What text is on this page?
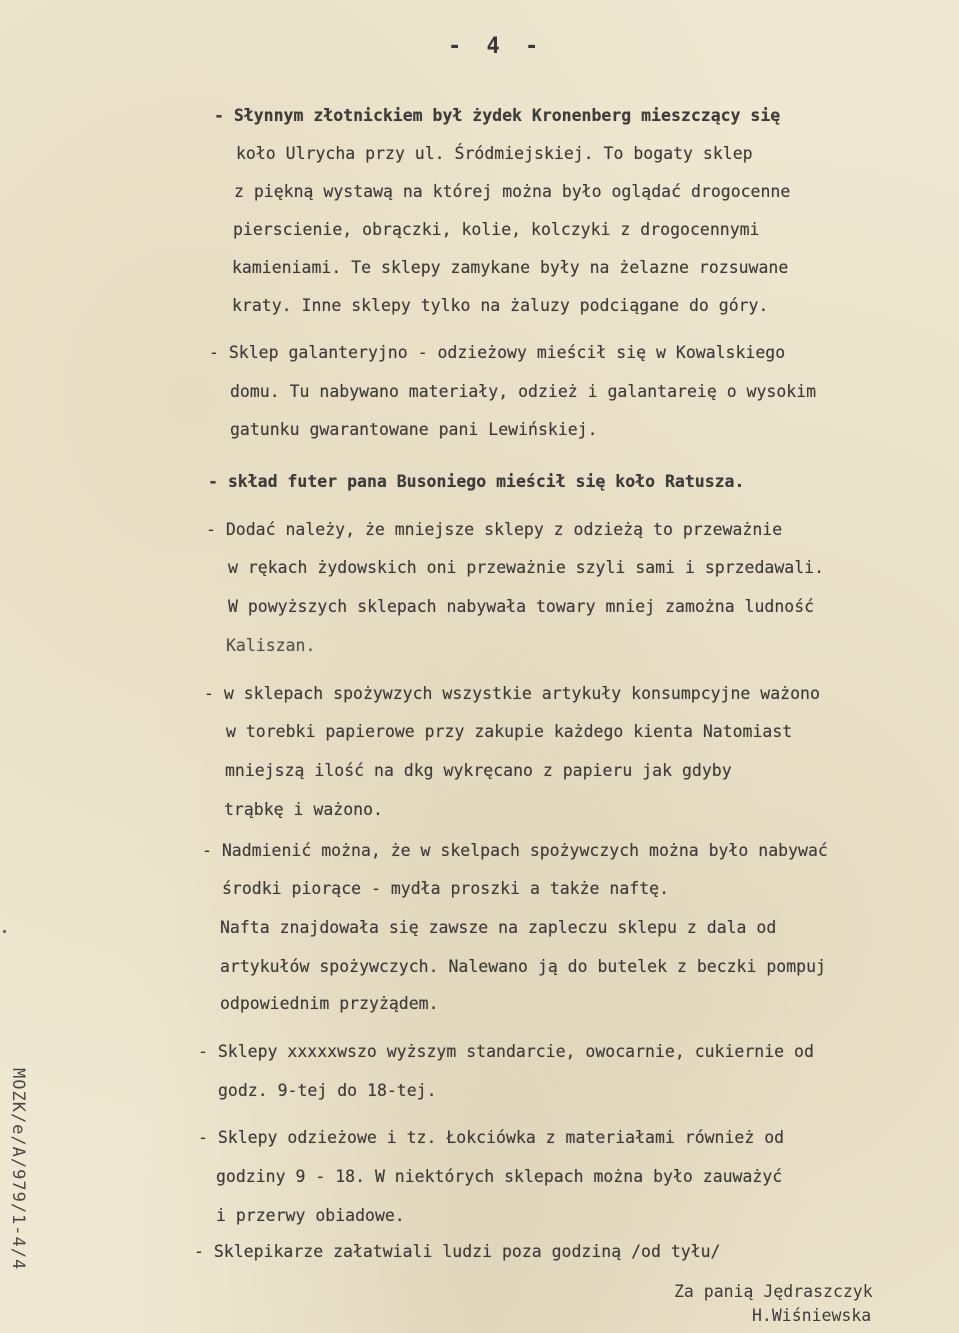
- 4 -
- Słynnym złotnickiem był żydek Kronenberg mieszczący się
koło Ulrycha przy ul. Śródmiejskiej. To bogaty sklep
z piękną wystawą na której można było oglądać drogocenne
pierscienie, obrączki, kolie, kolczyki z drogocennymi
kamieniami. Te sklepy zamykane były na żelazne rozsuwane
kraty. Inne sklepy tylko na żaluzy podciągane do góry.
- Sklep galanteryjno - odzieżowy mieścił się w Kowalskiego
domu. Tu nabywano materiały, odzież i galantareię o wysokim
gatunku gwarantowane pani Lewińskiej.
- skład futer pana Busoniego mieścił się koło Ratusza.
- Dodać należy, że mniejsze sklepy z odzieżą to przeważnie
w rękach żydowskich oni przeważnie szyli sami i sprzedawali.
W powyższych sklepach nabywała towary mniej zamożna ludność
Kaliszan.
- w sklepach spożywzych wszystkie artykuły konsumpcyjne ważono
w torebki papierowe przy zakupie każdego kienta Natomiast
mniejszą ilość na dkg wykręcano z papieru jak gdyby
trąbkę i ważono.
- Nadmienić można, że w skelpach spożywczych można było nabywać
środki piorące - mydła proszki a także naftę.
Nafta znajdowała się zawsze na zapleczu sklepu z dala od
artykułów spożywczych. Nalewano ją do butelek z beczki pompuj
odpowiednim przyżądem.
- Sklepy xxxxxwszo wyższym standarcie, owocarnie, cukiernie od
godz. 9-tej do 18-tej.
- Sklepy odzieżowe i tz. Łokciówka z materiałami również od
godziny 9 - 18. W niektórych sklepach można było zauważyć
i przerwy obiadowe.
- Sklepikarze załatwiali ludzi poza godziną /od tyłu/
Za panią Jędraszczyk
H.Wiśniewska
MOZK/e/A/979/1-4/4
